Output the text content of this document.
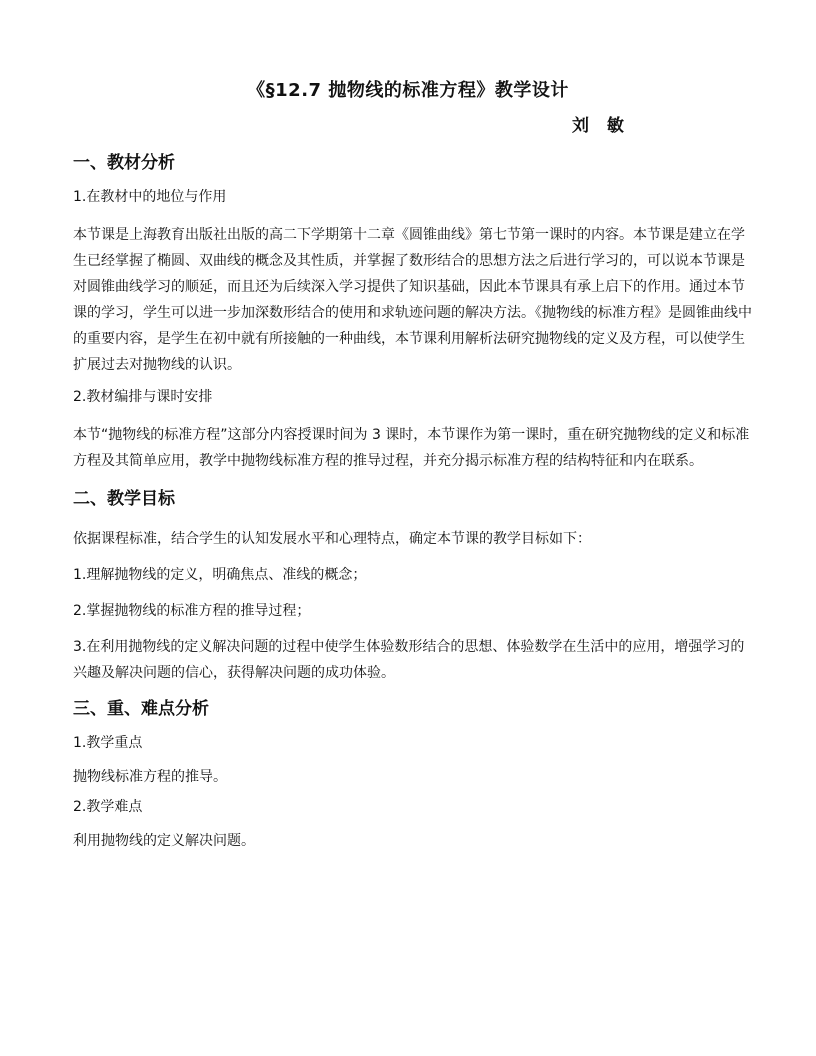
《§12.7 抛物线的标准方程》教学设计
刘 敏
一、教材分析
1.在教材中的地位与作用

本节课是上海教育出版社出版的高二下学期第十二章《圆锥曲线》第七节第一课时的内容。本节课是建立在学生已经掌握了椭圆、双曲线的概念及其性质，并掌握了数形结合的思想方法之后进行学习的，可以说本节课是对圆锥曲线学习的顺延，而且还为后续深入学习提供了知识基础，因此本节课具有承上启下的作用。通过本节课的学习，学生可以进一步加深数形结合的使用和求轨迹问题的解决方法。《抛物线的标准方程》是圆锥曲线中的重要内容，是学生在初中就有所接触的一种曲线，本节课利用解析法研究抛物线的定义及方程，可以使学生扩展过去对抛物线的认识。

2.教材编排与课时安排

本节“抛物线的标准方程”这部分内容授课时间为 3 课时，本节课作为第一课时，重在研究抛物线的定义和标准方程及其简单应用，教学中抛物线标准方程的推导过程，并充分揭示标准方程的结构特征和内在联系。

二、教学目标

依据课程标准，结合学生的认知发展水平和心理特点，确定本节课的教学目标如下：

1.理解抛物线的定义，明确焦点、准线的概念；

2.掌握抛物线的标准方程的推导过程；

3.在利用抛物线的定义解决问题的过程中使学生体验数形结合的思想、体验数学在生活中的应用，增强学习的兴趣及解决问题的信心，获得解决问题的成功体验。

三、重、难点分析
1.教学重点

抛物线标准方程的推导。

2.教学难点

利用抛物线的定义解决问题。
